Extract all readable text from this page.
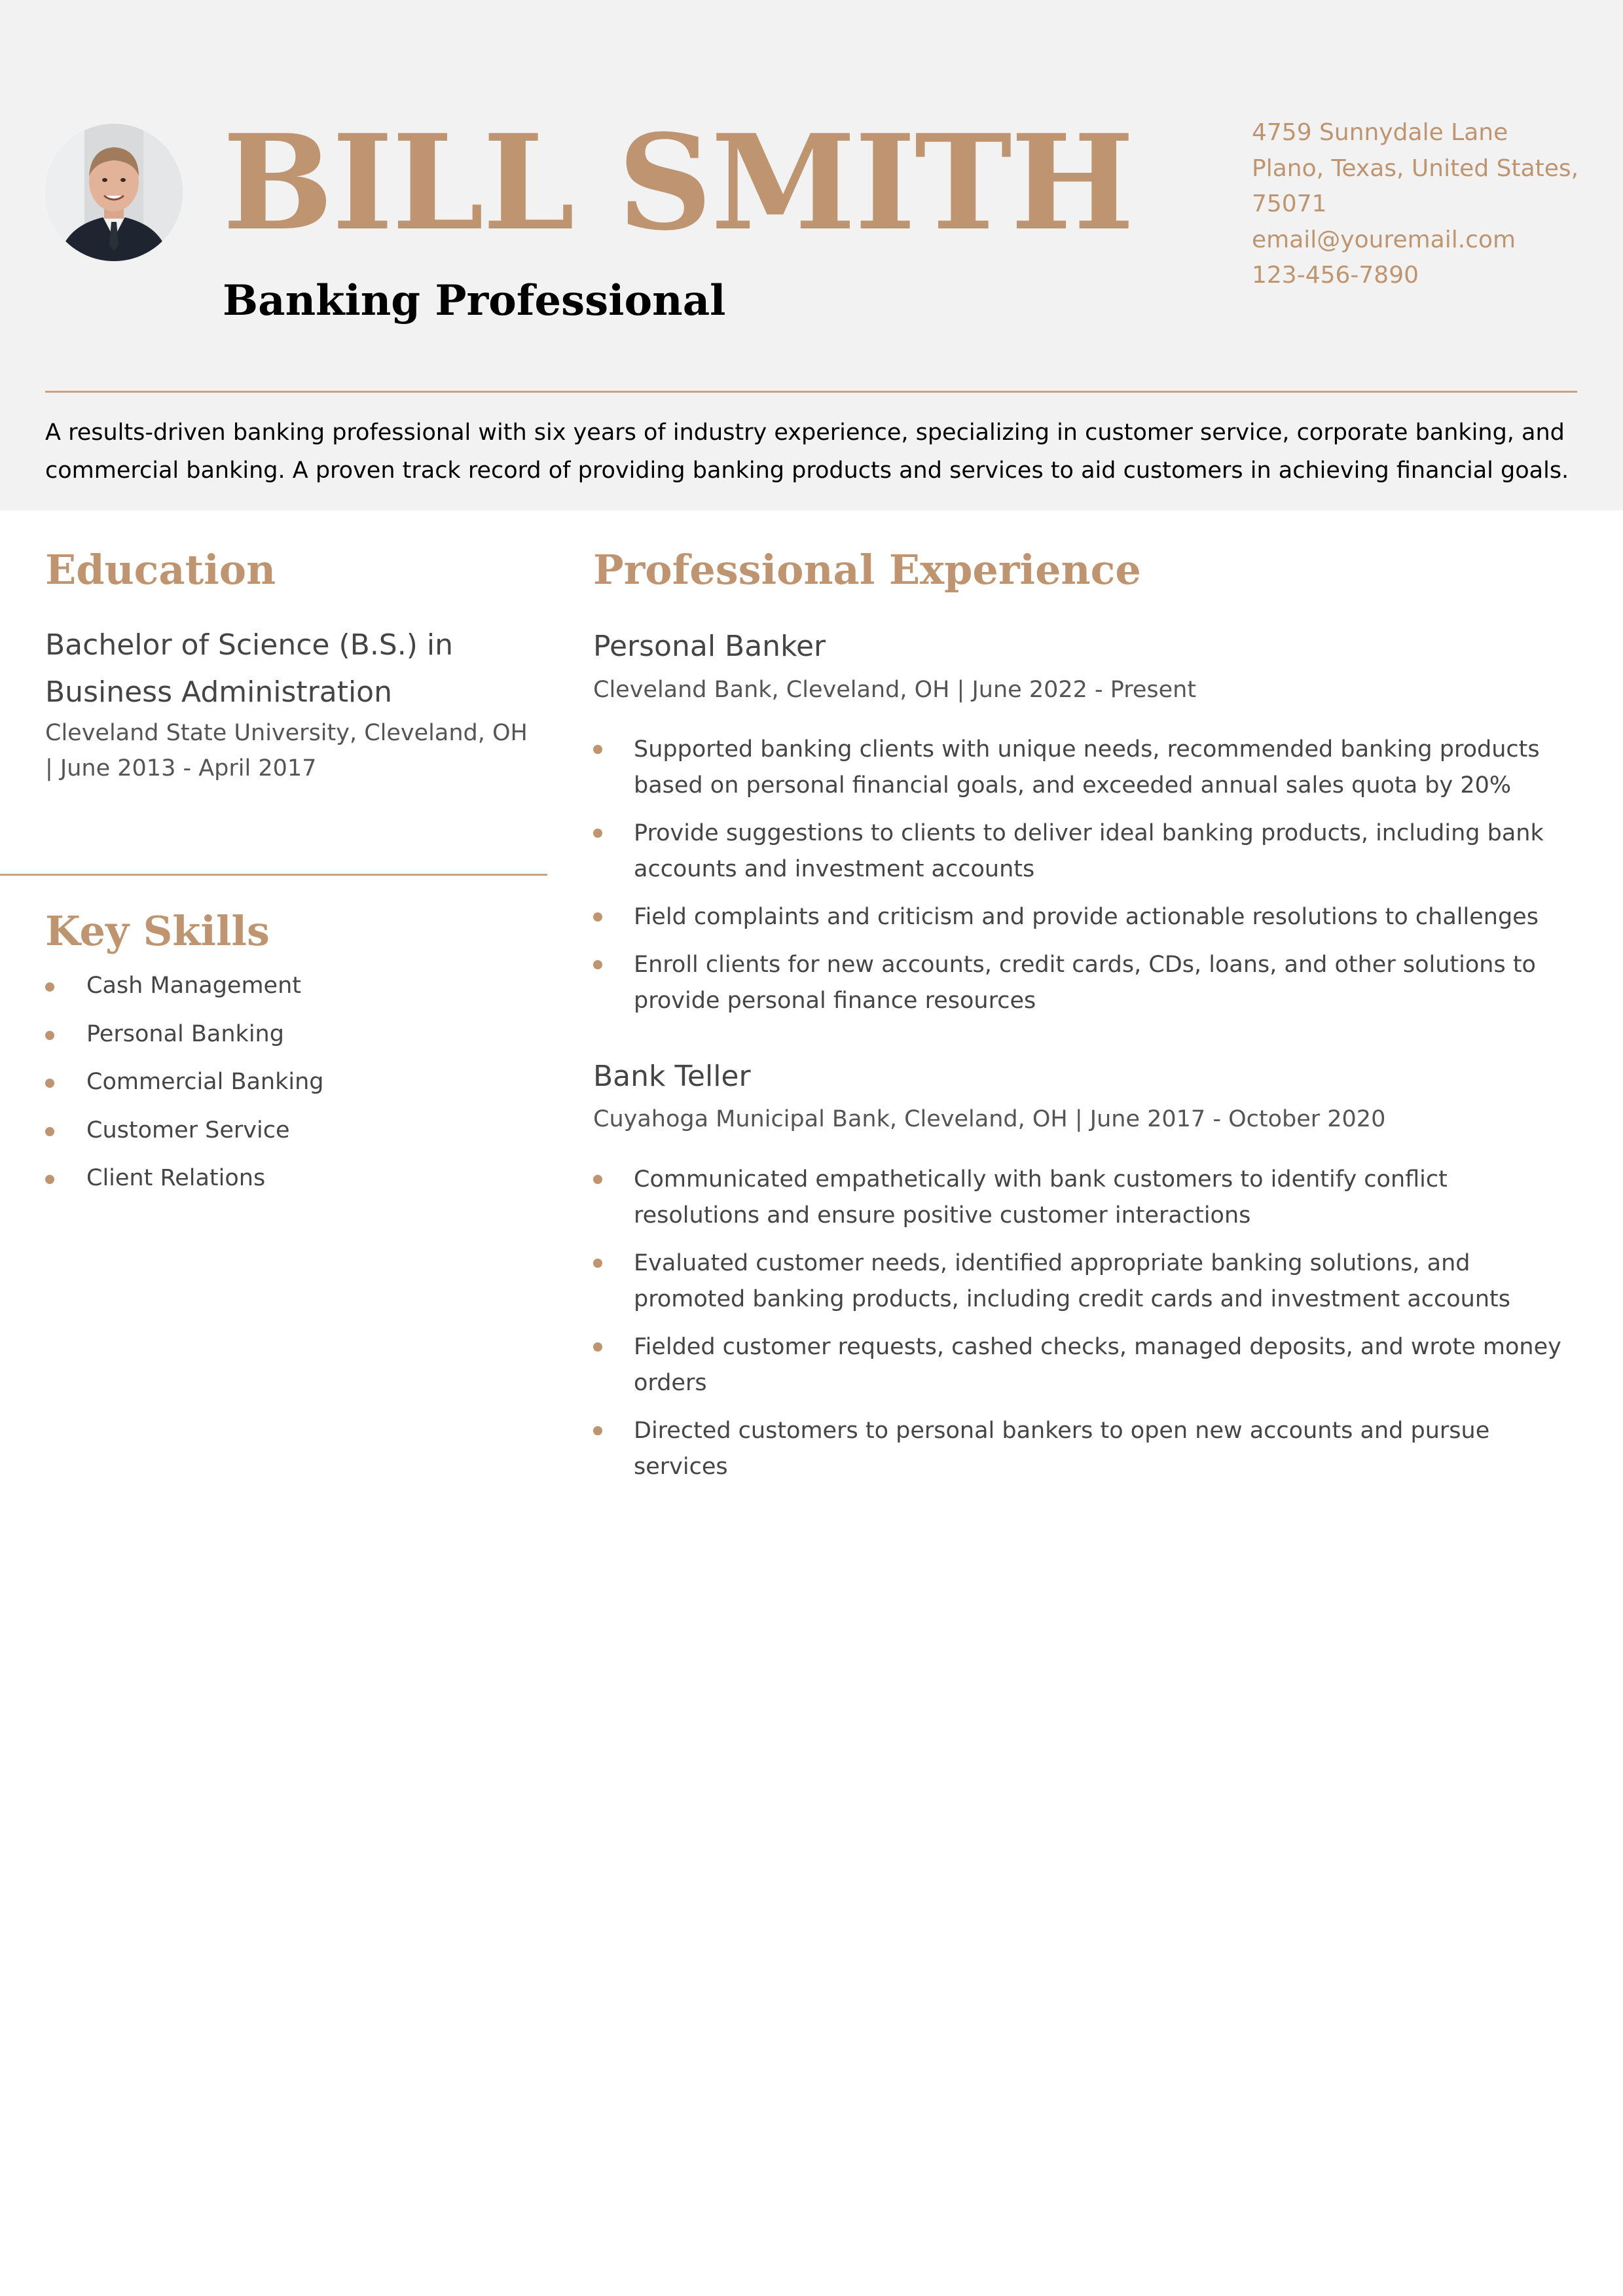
BILL SMITH
Banking Professional
4759 Sunnydale Lane
Plano, Texas, United States,
75071
email@youremail.com
123-456-7890

A results-driven banking professional with six years of industry experience, specializing in customer service, corporate banking, and commercial banking. A proven track record of providing banking products and services to aid customers in achieving financial goals.

Education

Bachelor of Science (B.S.) in Business Administration

Cleveland State University, Cleveland, OH | June 2013 - April 2017

Key Skills
Cash Management
Personal Banking
Commercial Banking
Customer Service
Client Relations
Professional Experience

Personal Banker

Cleveland Bank, Cleveland, OH | June 2022 - Present

Supported banking clients with unique needs, recommended banking products based on personal financial goals, and exceeded annual sales quota by 20%
Provide suggestions to clients to deliver ideal banking products, including bank accounts and investment accounts
Field complaints and criticism and provide actionable resolutions to challenges
Enroll clients for new accounts, credit cards, CDs, loans, and other solutions to provide personal finance resources

Bank Teller

Cuyahoga Municipal Bank, Cleveland, OH | June 2017 - October 2020

Communicated empathetically with bank customers to identify conflict resolutions and ensure positive customer interactions
Evaluated customer needs, identified appropriate banking solutions, and promoted banking products, including credit cards and investment accounts
Fielded customer requests, cashed checks, managed deposits, and wrote money orders
Directed customers to personal bankers to open new accounts and pursue services
